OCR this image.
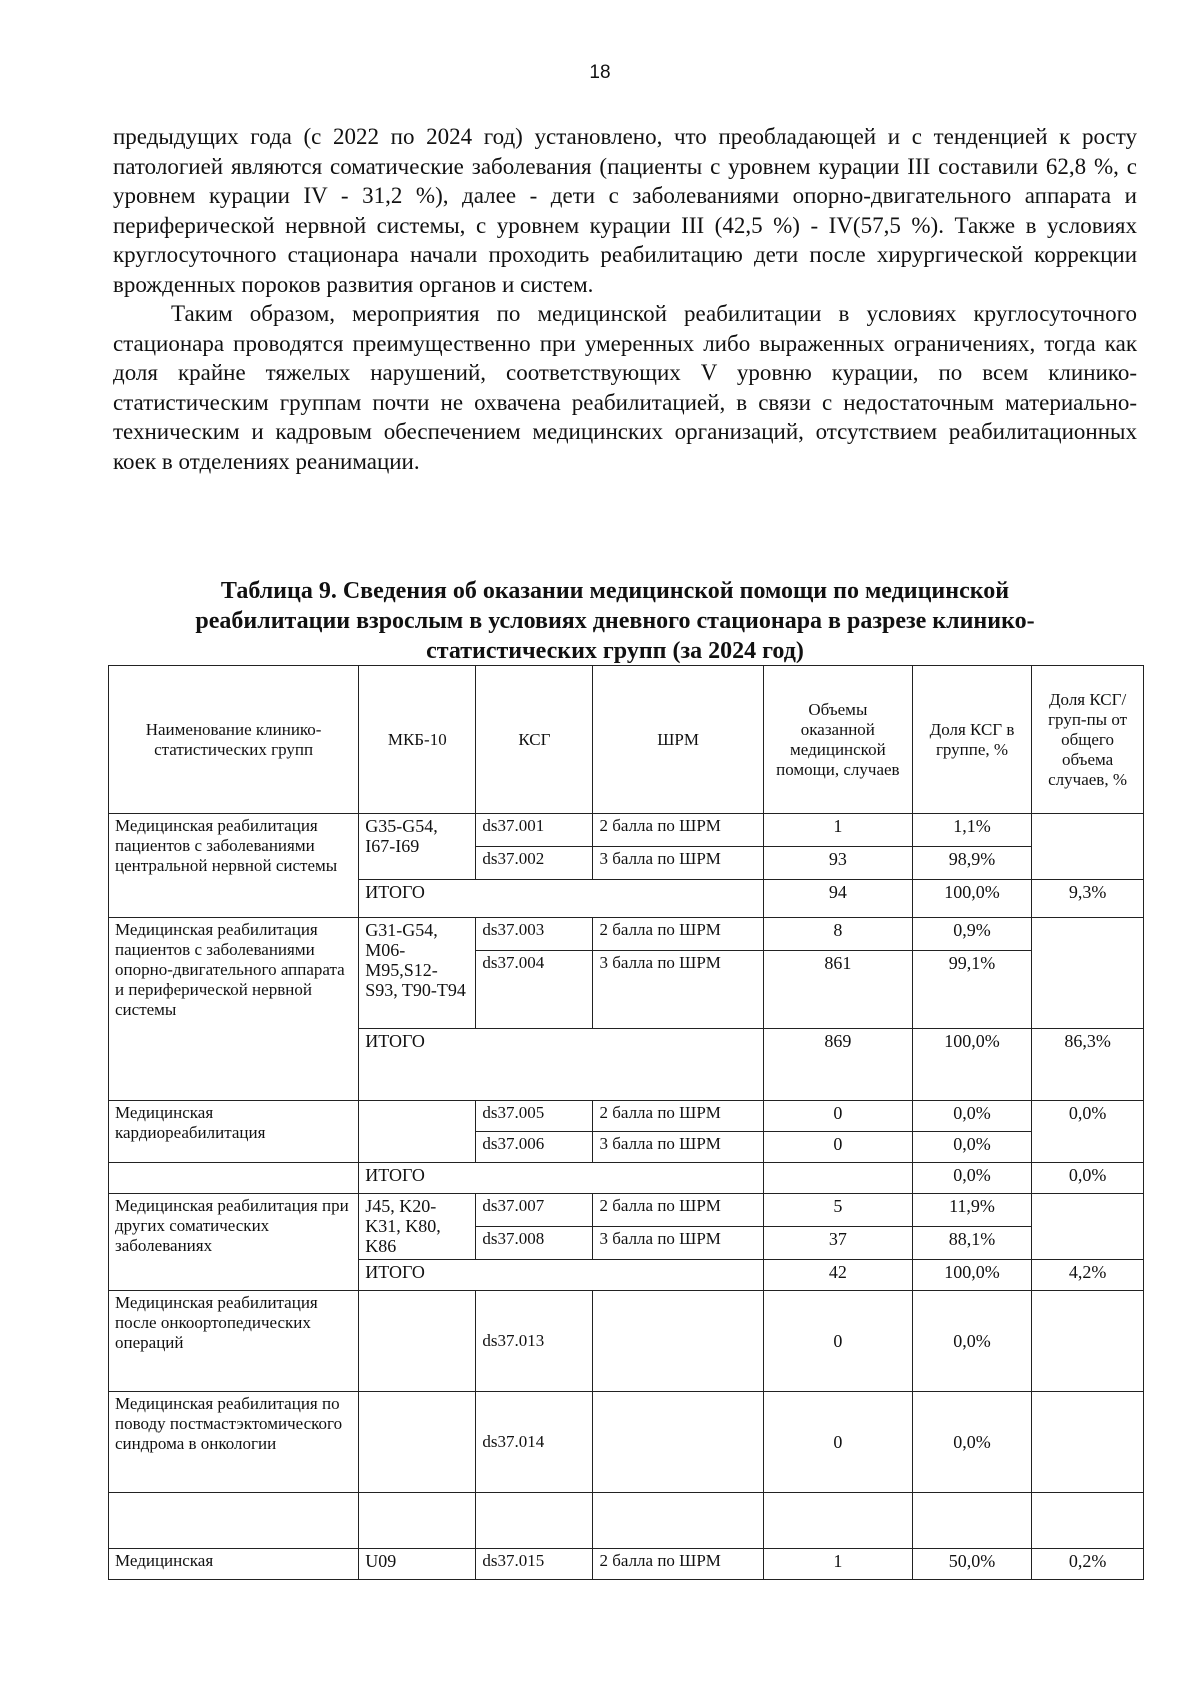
18

предыдущих года (с 2022 по 2024 год) установлено, что преобладающей и с тенденцией к росту патологией являются соматические заболевания (пациенты с уровнем курации III составили 62,8 %, с уровнем курации IV - 31,2 %), далее - дети с заболеваниями опорно-двигательного аппарата и периферической нервной системы, с уровнем курации III (42,5 %) - IV(57,5 %). Также в условиях круглосуточного стационара начали проходить реабилитацию дети после хирургической коррекции врожденных пороков развития органов и систем.

Таким образом, мероприятия по медицинской реабилитации в условиях круглосуточного стационара проводятся преимущественно при умеренных либо выраженных ограничениях, тогда как доля крайне тяжелых нарушений, соответствующих V уровню курации, по всем клинико-статистическим группам почти не охвачена реабилитацией, в связи с недостаточным материально-техническим и кадровым обеспечением медицинских организаций, отсутствием реабилитационных коек в отделениях реанимации.

Таблица 9. Сведения об оказании медицинской помощи по медицинской реабилитации взрослым в условиях дневного стационара в разрезе клинико-статистических групп (за 2024 год)
Наименование клинико-статистических групп	МКБ-10	КСГ	ШРМ	Объемы оказанной медицинской помощи, случаев	Доля КСГ в группе, %	Доля КСГ/груп-пы от общего объема случаев, %
Медицинская реабилитация пациентов с заболеваниями центральной нервной системы	G35-G54, I67-I69	ds37.001	2 балла по ШРМ	1	1,1%	
		ds37.002	3 балла по ШРМ	93	98,9%	
	ИТОГО			94	100,0%	9,3%
Медицинская реабилитация пациентов с заболеваниями опорно-двигательного аппарата и периферической нервной системы	G31-G54, M06-M95,S12-S93, T90-T94	ds37.003	2 балла по ШРМ	8	0,9%	
		ds37.004	3 балла по ШРМ	861	99,1%	
	ИТОГО			869	100,0%	86,3%
Медицинская кардиореабилитация		ds37.005	2 балла по ШРМ	0	0,0%	0,0%
		ds37.006	3 балла по ШРМ	0	0,0%	
	ИТОГО				0,0%	0,0%
Медицинская реабилитация при других соматических заболеваниях	J45, K20-K31, K80, K86	ds37.007	2 балла по ШРМ	5	11,9%	
		ds37.008	3 балла по ШРМ	37	88,1%	
	ИТОГО			42	100,0%	4,2%
Медицинская реабилитация после онкоортопедических операций		ds37.013		0	0,0%	
Медицинская реабилитация по поводу постмастэктомического синдрома в онкологии		ds37.014		0	0,0%	

Медицинская	U09	ds37.015	2 балла по ШРМ	1	50,0%	0,2%
